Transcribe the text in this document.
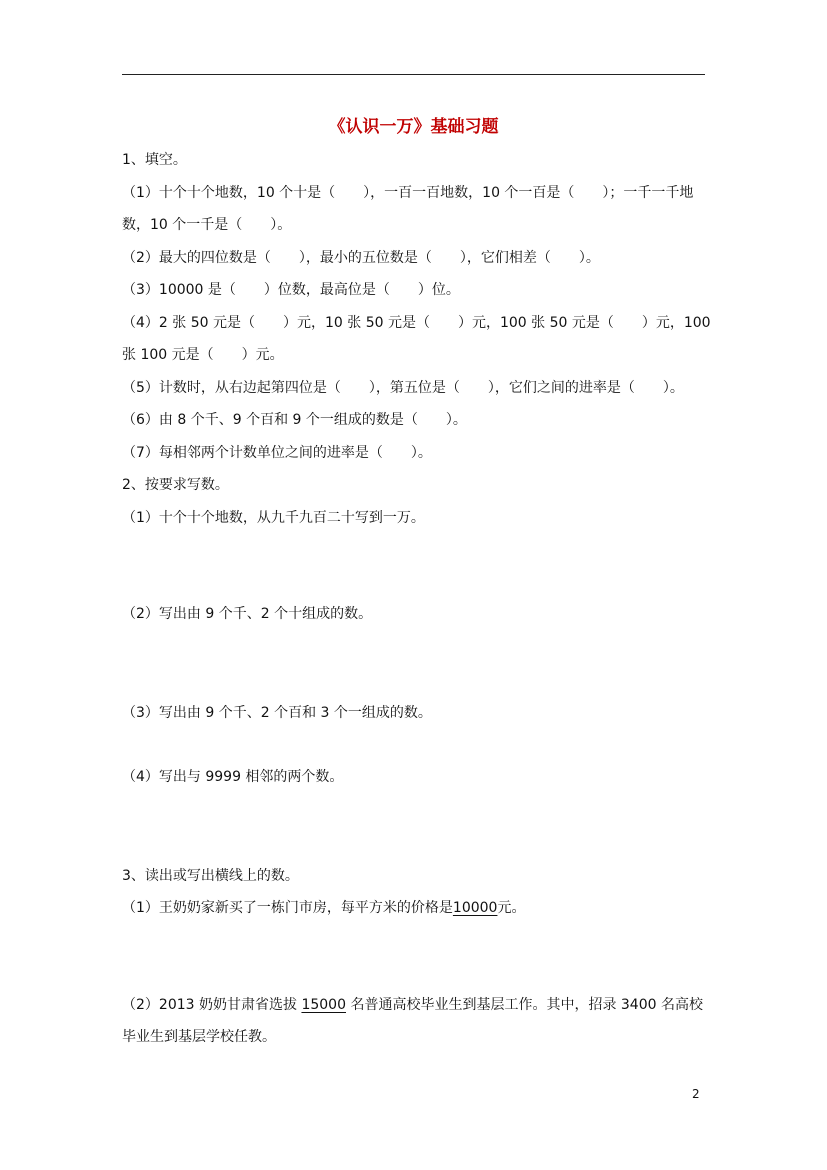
《认识一万》基础习题
1、填空。
（1）十个十个地数，10 个十是（　　），一百一百地数，10 个一百是（　　）；一千一千地
数，10 个一千是（　　）。
（2）最大的四位数是（　　），最小的五位数是（　　），它们相差（　　）。
（3）10000 是（　　）位数，最高位是（　　）位。
（4）2 张 50 元是（　　）元，10 张 50 元是（　　）元，100 张 50 元是（　　）元，100
张 100 元是（　　）元。
（5）计数时，从右边起第四位是（　　），第五位是（　　），它们之间的进率是（　　）。
（6）由 8 个千、9 个百和 9 个一组成的数是（　　）。
（7）每相邻两个计数单位之间的进率是（　　）。
2、按要求写数。
（1）十个十个地数，从九千九百二十写到一万。
（2）写出由 9 个千、2 个十组成的数。
（3）写出由 9 个千、2 个百和 3 个一组成的数。
（4）写出与 9999 相邻的两个数。
3、读出或写出横线上的数。
（1）王奶奶家新买了一栋门市房，每平方米的价格是10000元。
（2）2013 奶奶甘肃省选拔 15000 名普通高校毕业生到基层工作。其中，招录 3400 名高校
毕业生到基层学校任教。
2
